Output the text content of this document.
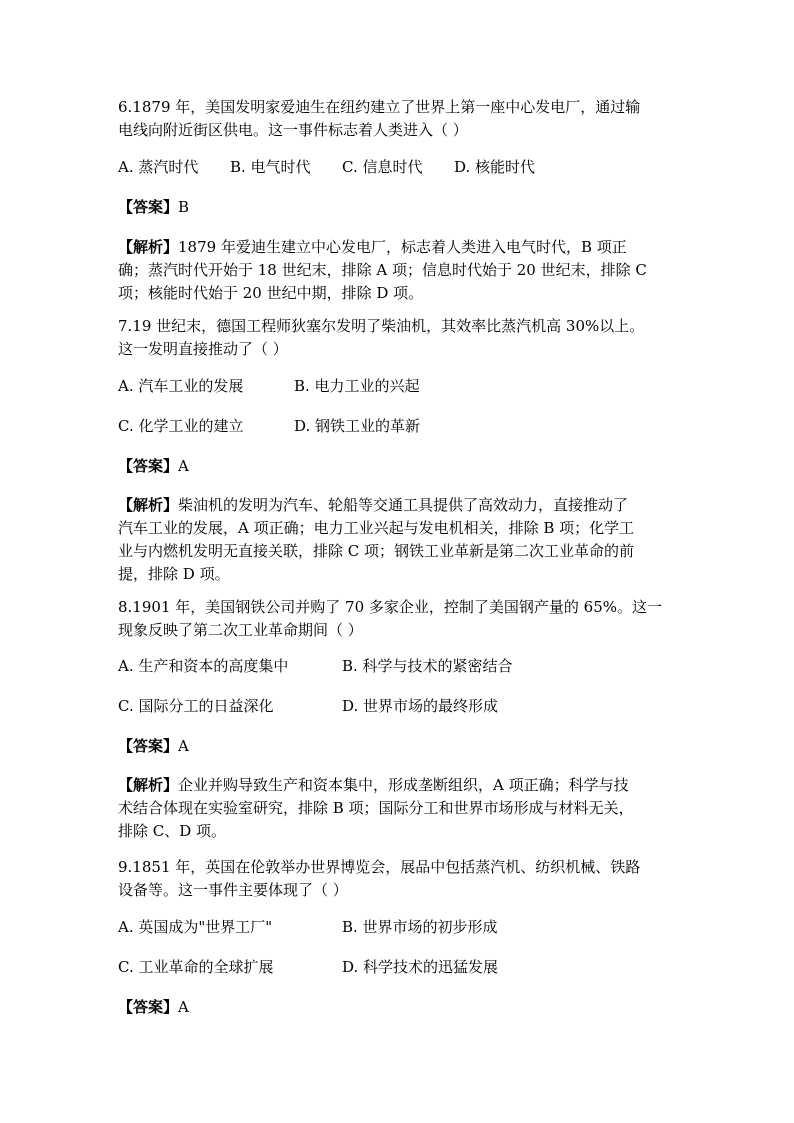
6.1879 年，美国发明家爱迪生在纽约建立了世界上第一座中心发电厂，通过输
电线向附近街区供电。这一事件标志着人类进入（ ）
A. 蒸汽时代	B. 电气时代	C. 信息时代	D. 核能时代
【答案】B
【解析】1879 年爱迪生建立中心发电厂，标志着人类进入电气时代，B 项正
确；蒸汽时代开始于 18 世纪末，排除 A 项；信息时代始于 20 世纪末，排除 C
项；核能时代始于 20 世纪中期，排除 D 项。
7.19 世纪末，德国工程师狄塞尔发明了柴油机，其效率比蒸汽机高 30%以上。
这一发明直接推动了（ ）
A. 汽车工业的发展	B. 电力工业的兴起
C. 化学工业的建立	D. 钢铁工业的革新
【答案】A
【解析】柴油机的发明为汽车、轮船等交通工具提供了高效动力，直接推动了
汽车工业的发展，A 项正确；电力工业兴起与发电机相关，排除 B 项；化学工
业与内燃机发明无直接关联，排除 C 项；钢铁工业革新是第二次工业革命的前
提，排除 D 项。
8.1901 年，美国钢铁公司并购了 70 多家企业，控制了美国钢产量的 65%。这一
现象反映了第二次工业革命期间（ ）
A. 生产和资本的高度集中	B. 科学与技术的紧密结合
C. 国际分工的日益深化	D. 世界市场的最终形成
【答案】A
【解析】企业并购导致生产和资本集中，形成垄断组织，A 项正确；科学与技
术结合体现在实验室研究，排除 B 项；国际分工和世界市场形成与材料无关，
排除 C、D 项。
9.1851 年，英国在伦敦举办世界博览会，展品中包括蒸汽机、纺织机械、铁路
设备等。这一事件主要体现了（ ）
A. 英国成为"世界工厂"	B. 世界市场的初步形成
C. 工业革命的全球扩展	D. 科学技术的迅猛发展
【答案】A
